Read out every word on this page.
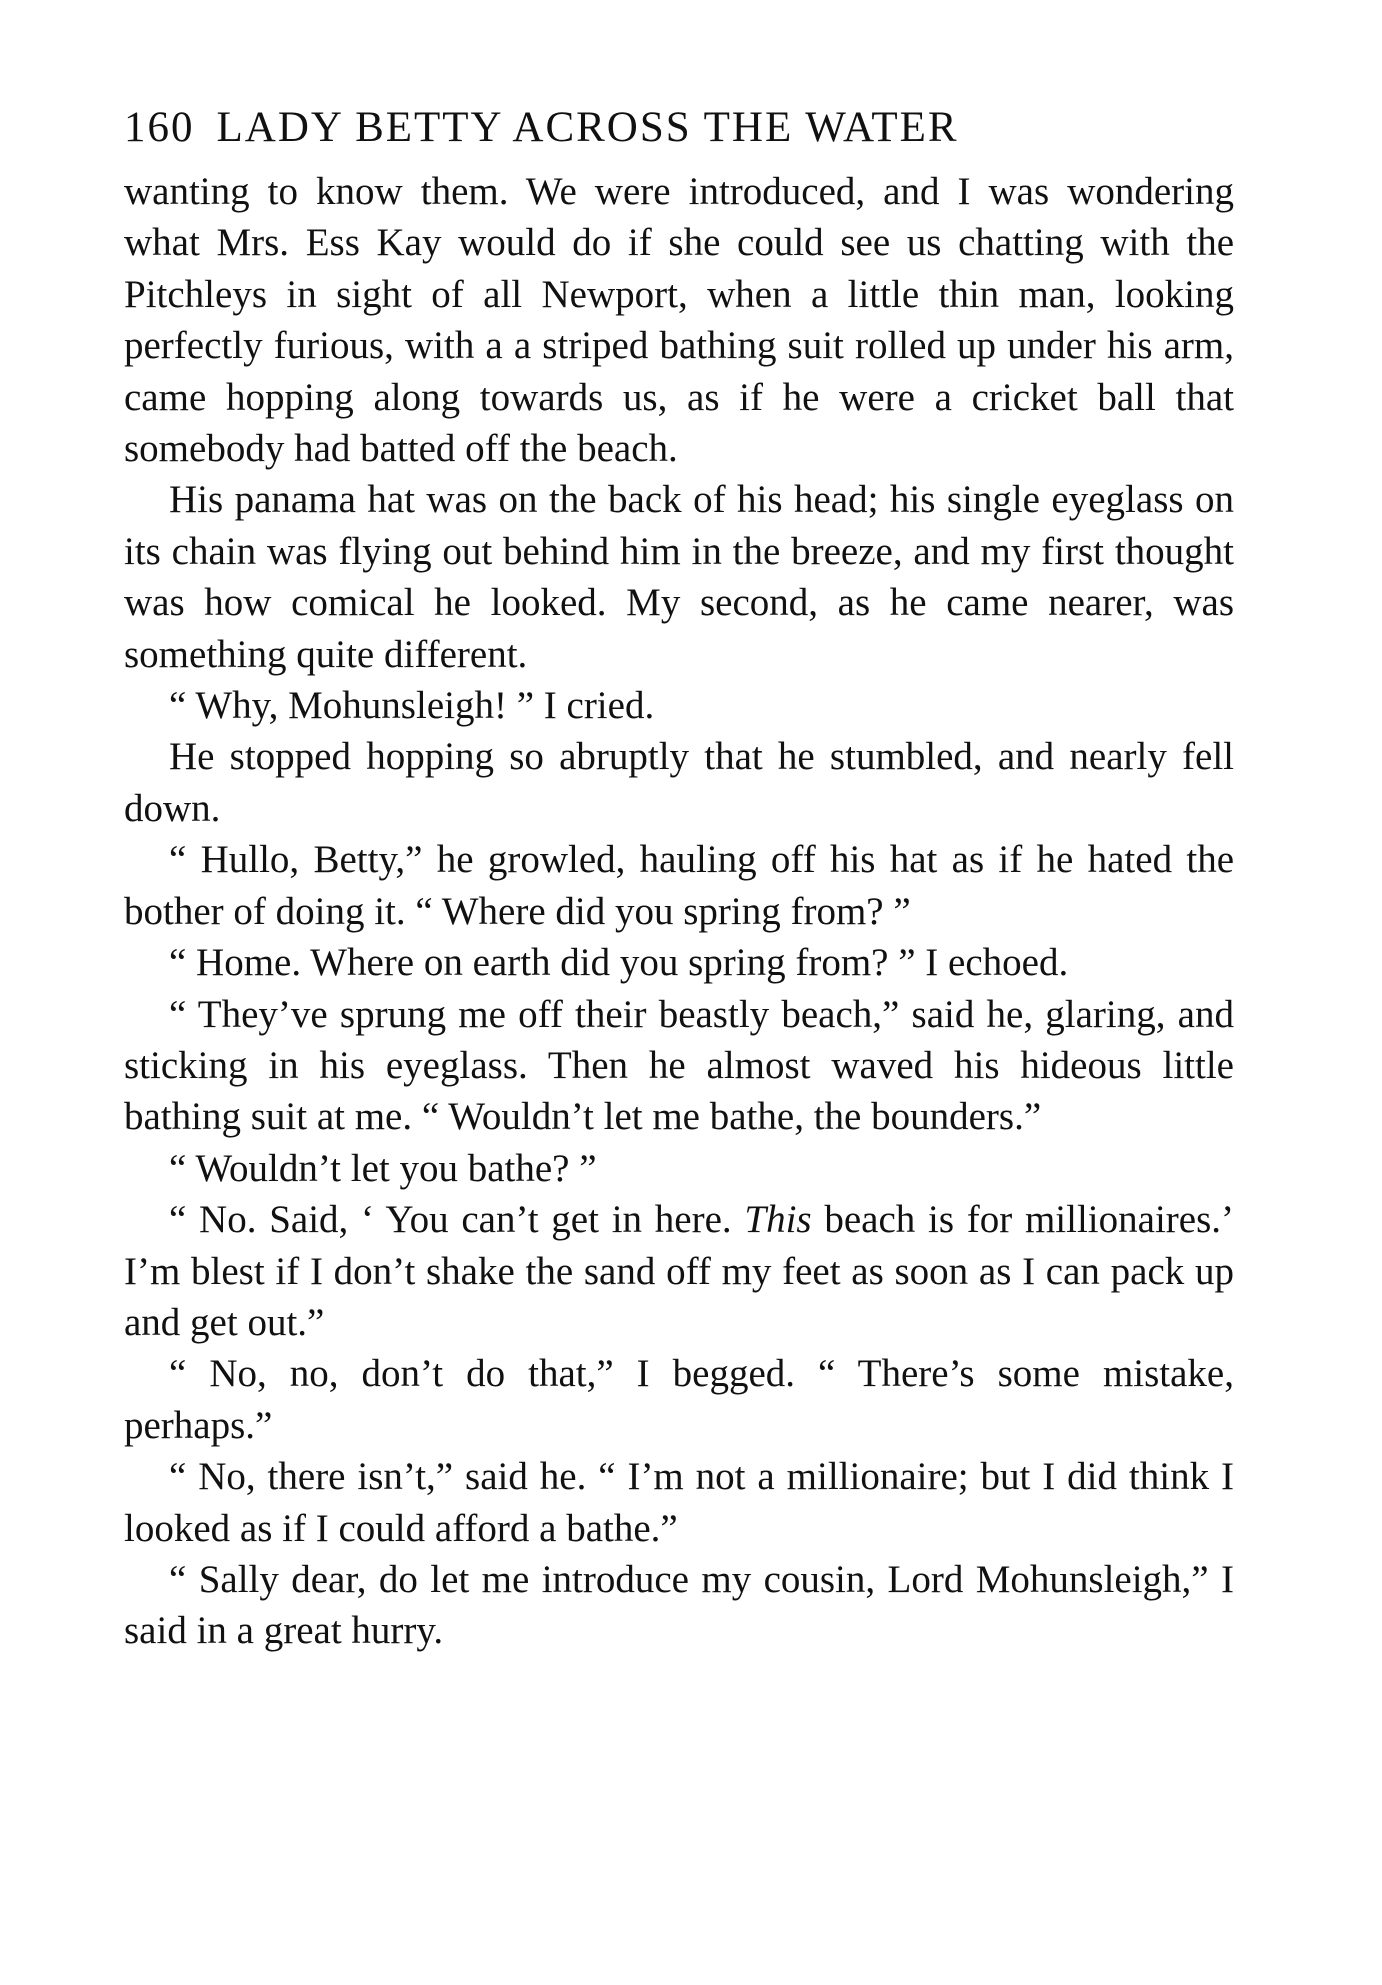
160 LADY BETTY ACROSS THE WATER

wanting to know them. We were introduced, and I was wondering what Mrs. Ess Kay would do if she could see us chatting with the Pitchleys in sight of all Newport, when a little thin man, looking perfectly furious, with a a striped bathing suit rolled up under his arm, came hopping along towards us, as if he were a cricket ball that somebody had batted off the beach.

His panama hat was on the back of his head; his single eyeglass on its chain was flying out behind him in the breeze, and my first thought was how comical he looked. My second, as he came nearer, was something quite different.

“ Why, Mohunsleigh! ” I cried.

He stopped hopping so abruptly that he stumbled, and nearly fell down.

“ Hullo, Betty,” he growled, hauling off his hat as if he hated the bother of doing it. “ Where did you spring from? ”

“ Home. Where on earth did you spring from? ” I echoed.

“ They’ve sprung me off their beastly beach,” said he, glaring, and sticking in his eyeglass. Then he almost waved his hideous little bathing suit at me. “ Wouldn’t let me bathe, the bounders.”

“ Wouldn’t let you bathe? ”

“ No. Said, ‘ You can’t get in here. This beach is for millionaires.’ I’m blest if I don’t shake the sand off my feet as soon as I can pack up and get out.”

“ No, no, don’t do that,” I begged. “ There’s some mistake, perhaps.”

“ No, there isn’t,” said he. “ I’m not a millionaire; but I did think I looked as if I could afford a bathe.”

“ Sally dear, do let me introduce my cousin, Lord Mohunsleigh,” I said in a great hurry.
